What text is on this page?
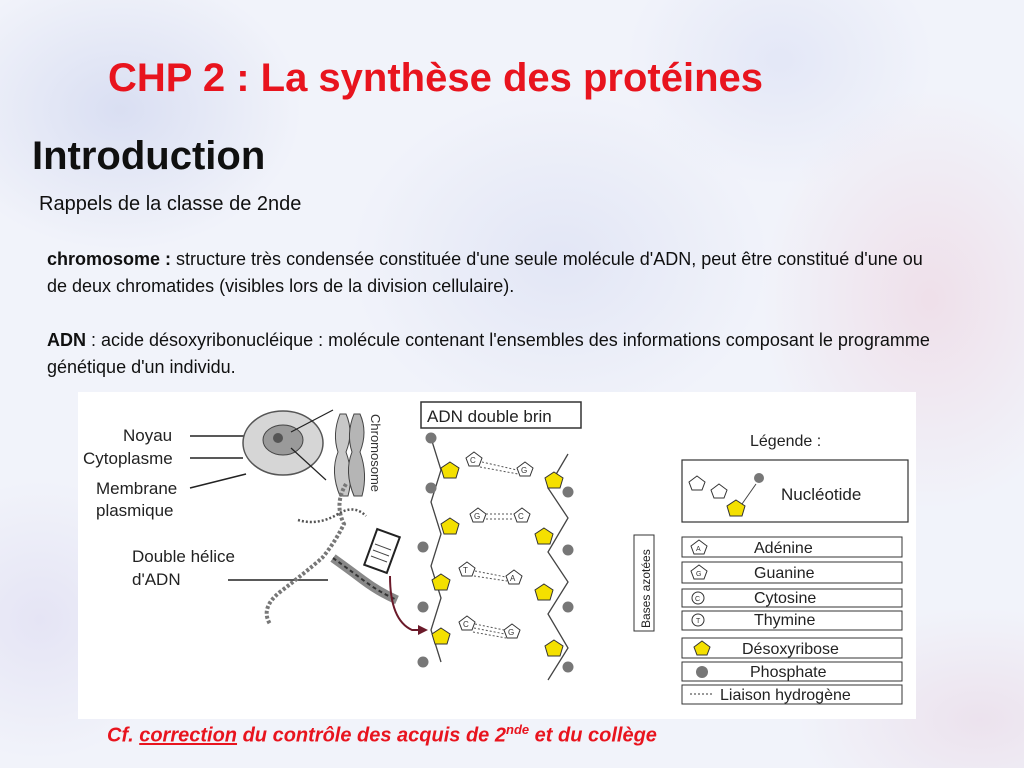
CHP 2 : La synthèse des protéines
Introduction
Rappels de la classe de 2nde

chromosome : structure très condensée constituée d'une seule molécule d'ADN, peut être constitué d'une ou de deux chromatides (visibles lors de la division cellulaire).

ADN : acide désoxyribonucléique : molécule contenant l'ensembles des informations composant le programme génétique d'un individu.

Noyau
Cytoplasme
Membrane
plasmique
Double hélice
d'ADN
Chromosome	ADN double brin
C
G
G	C
T
A
C
G
Légende :
Nucléotide
Bases azotées	A	Adénine
G	Guanine
C	Cytosine
T	Thymine
Désoxyribose
Phosphate
Liaison hydrogène
Cf. correction du contrôle des acquis de 2nde et du collège
